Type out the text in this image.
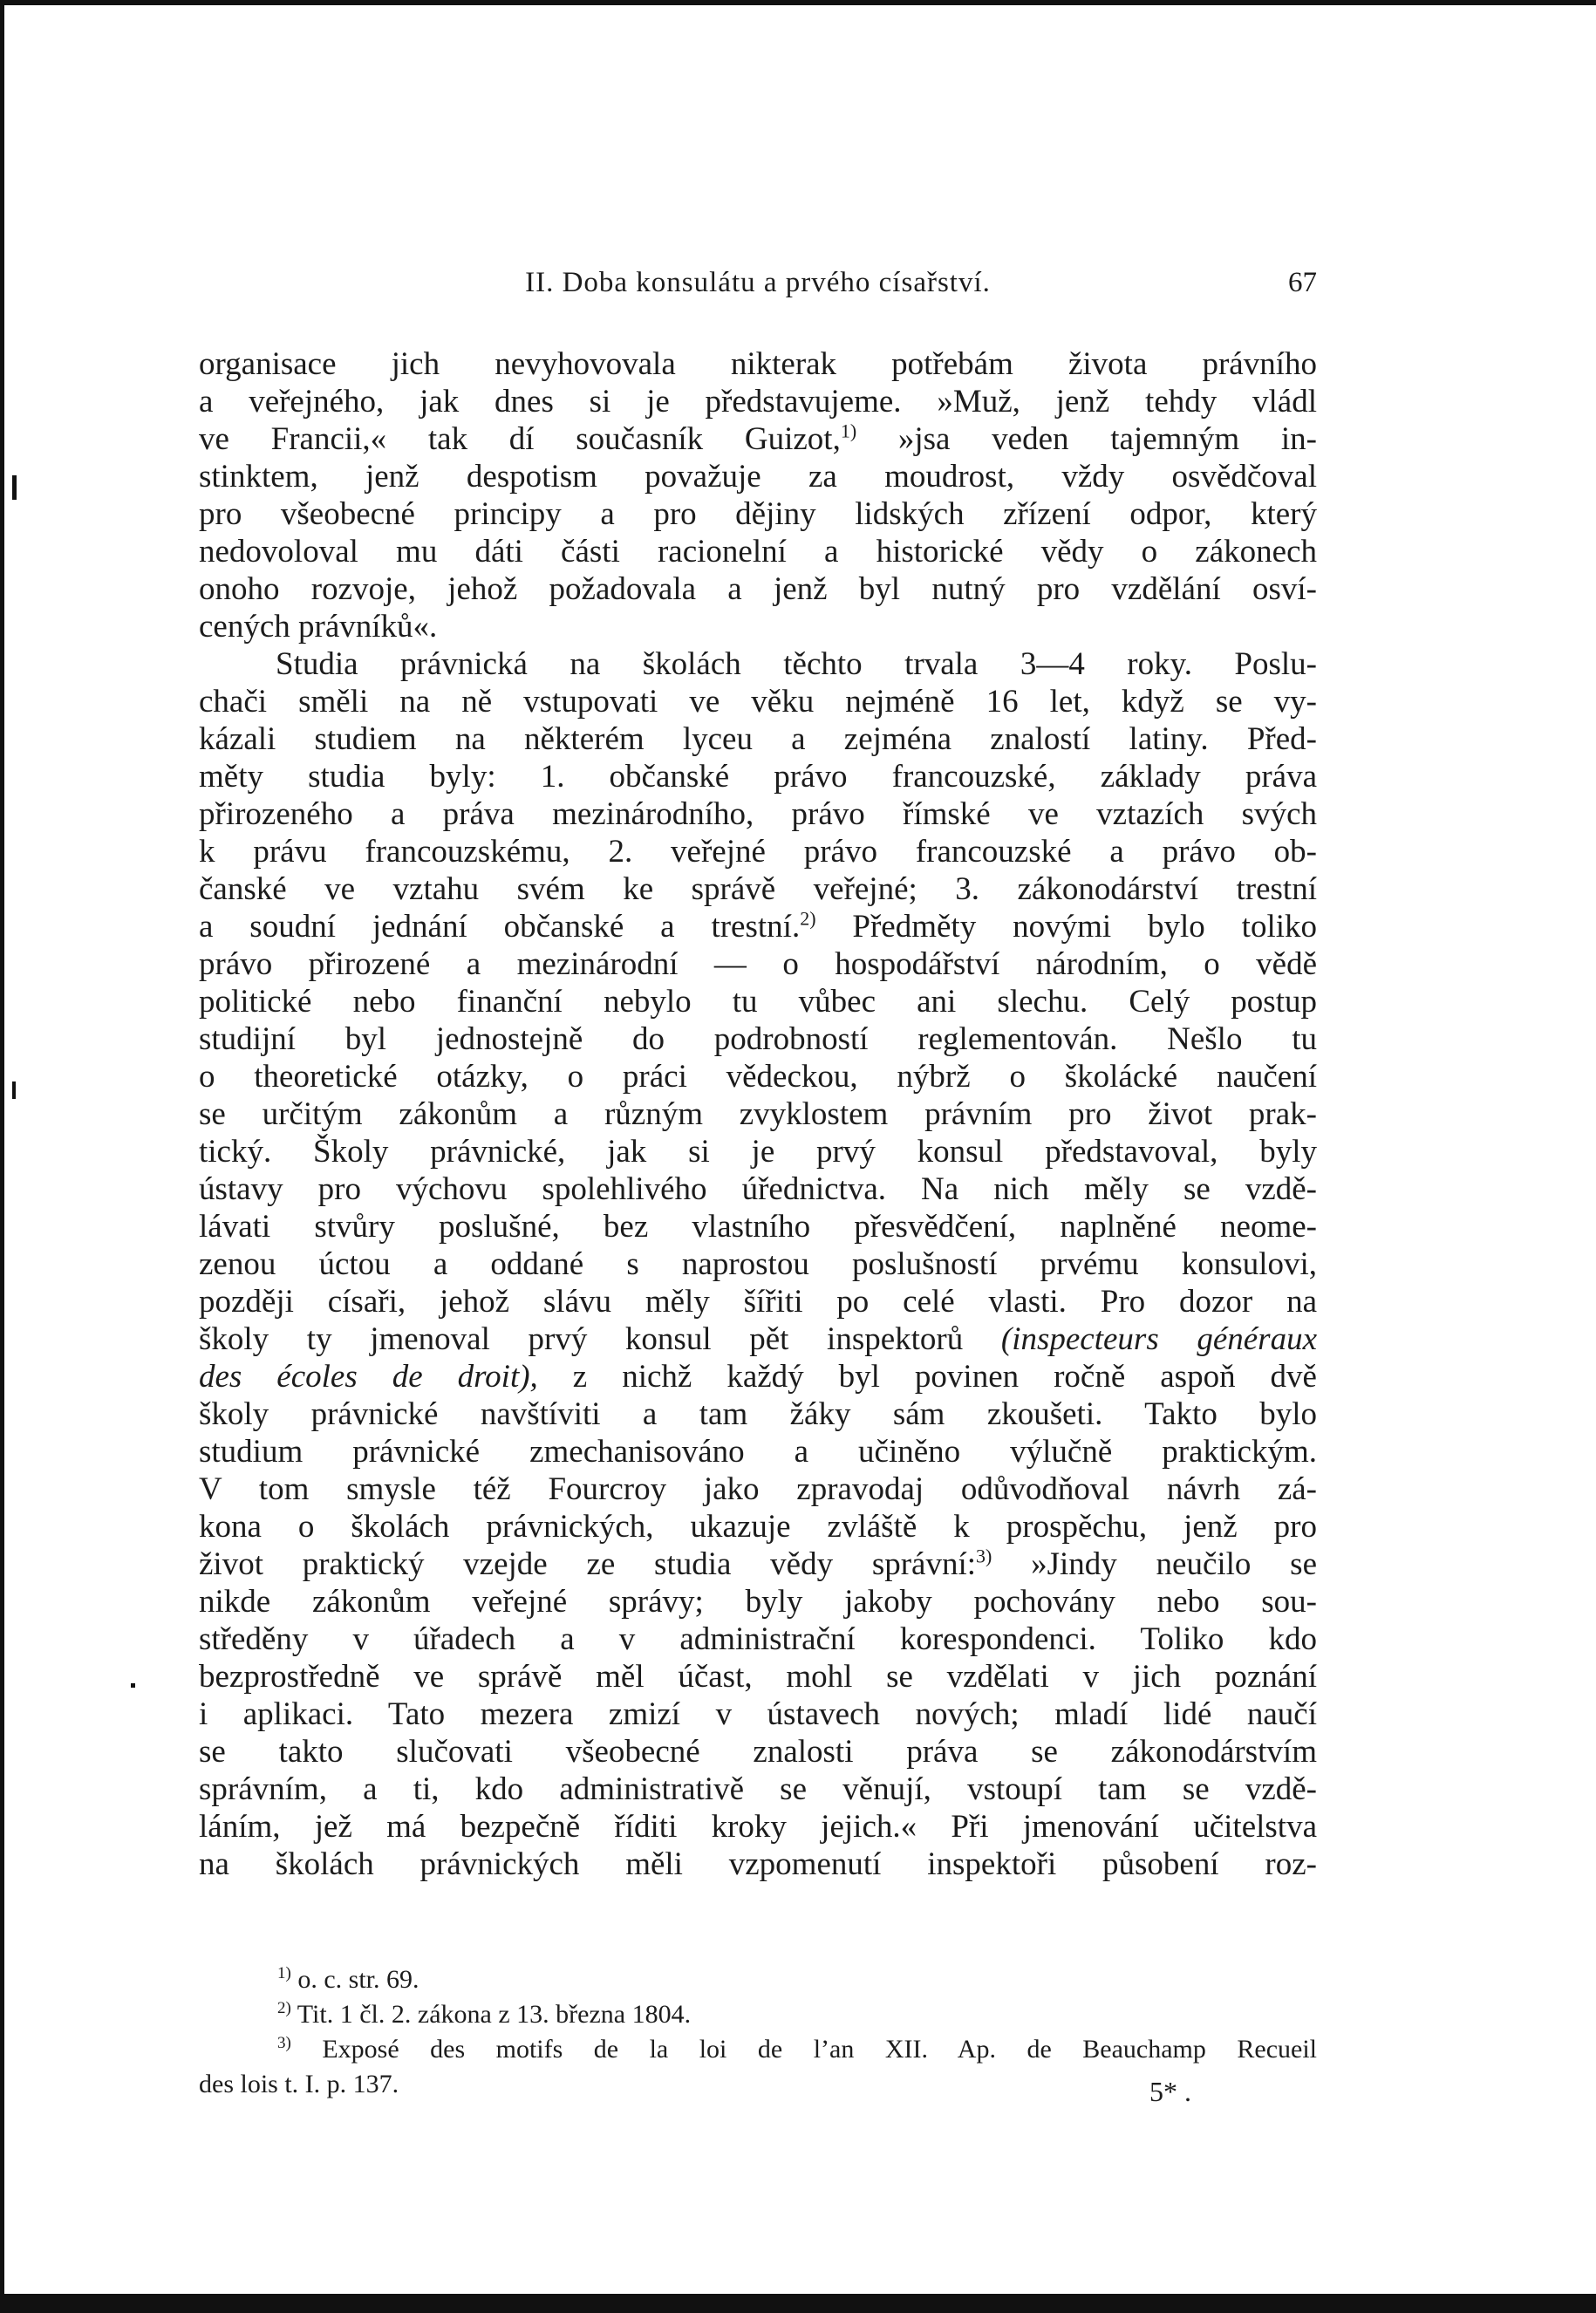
II. Doba konsulátu a prvého císařství.	67
organisace jich nevyhovovala nikterak potřebám života právního
a veřejného, jak dnes si je představujeme. »Muž, jenž tehdy vládl
ve Francii,« tak dí současník Guizot,$^{1)}$ »jsa veden tajemným in-
stinktem, jenž despotism považuje za moudrost, vždy osvědčoval
pro všeobecné principy a pro dějiny lidských zřízení odpor, který
nedovoloval mu dáti části racionelní a historické vědy o zákonech
onoho rozvoje, jehož požadovala a jenž byl nutný pro vzdělání osví-
cených právníků«.
Studia právnická na školách těchto trvala 3—4 roky. Poslu-
chači směli na ně vstupovati ve věku nejméně 16 let, když se vy-
kázali studiem na některém lyceu a zejména znalostí latiny. Před-
měty studia byly: 1. občanské právo francouzské, základy práva
přirozeného a práva mezinárodního, právo římské ve vztazích svých
k právu francouzskému, 2. veřejné právo francouzské a právo ob-
čanské ve vztahu svém ke správě veřejné; 3. zákonodárství trestní
a soudní jednání občanské a trestní.$^{2)}$ Předměty novými bylo toliko
právo přirozené a mezinárodní — o hospodářství národním, o vědě
politické nebo finanční nebylo tu vůbec ani slechu. Celý postup
studijní byl jednostejně do podrobností reglementován. Nešlo tu
o theoretické otázky, o práci vědeckou, nýbrž o školácké naučení
se určitým zákonům a různým zvyklostem právním pro život prak-
tický. Školy právnické, jak si je prvý konsul představoval, byly
ústavy pro výchovu spolehlivého úřednictva. Na nich měly se vzdě-
lávati stvůry poslušné, bez vlastního přesvědčení, naplněné neome-
zenou úctou a oddané s naprostou poslušností prvému konsulovi,
později císaři, jehož slávu měly šířiti po celé vlasti. Pro dozor na
školy ty jmenoval prvý konsul pět inspektorů (inspecteurs généraux
des écoles de droit), z nichž každý byl povinen ročně aspoň dvě
školy právnické navštíviti a tam žáky sám zkoušeti. Takto bylo
studium právnické zmechanisováno a učiněno výlučně praktickým.
V tom smysle též Fourcroy jako zpravodaj odůvodňoval návrh zá-
kona o školách právnických, ukazuje zvláště k prospěchu, jenž pro
život praktický vzejde ze studia vědy správní:$^{3)}$ »Jindy neučilo se
nikde zákonům veřejné správy; byly jakoby pochovány nebo sou-
středěny v úřadech a v administrační korespondenci. Toliko kdo
bezprostředně ve správě měl účast, mohl se vzdělati v jich poznání
i aplikaci. Tato mezera zmizí v ústavech nových; mladí lidé naučí
se takto slučovati všeobecné znalosti práva se zákonodárstvím
správním, a ti, kdo administrativě se věnují, vstoupí tam se vzdě-
láním, jež má bezpečně říditi kroky jejich.« Při jmenování učitelstva
na školách právnických měli vzpomenutí inspektoři působení roz-
$^{1)}$ o. c. str. 69.
$^{2)}$ Tit. 1 čl. 2. zákona z 13. března 1804.
$^{3)}$ Exposé des motifs de la loi de l’an XII. Ap. de Beauchamp Recueil
des lois t. I. p. 137.	5* .
